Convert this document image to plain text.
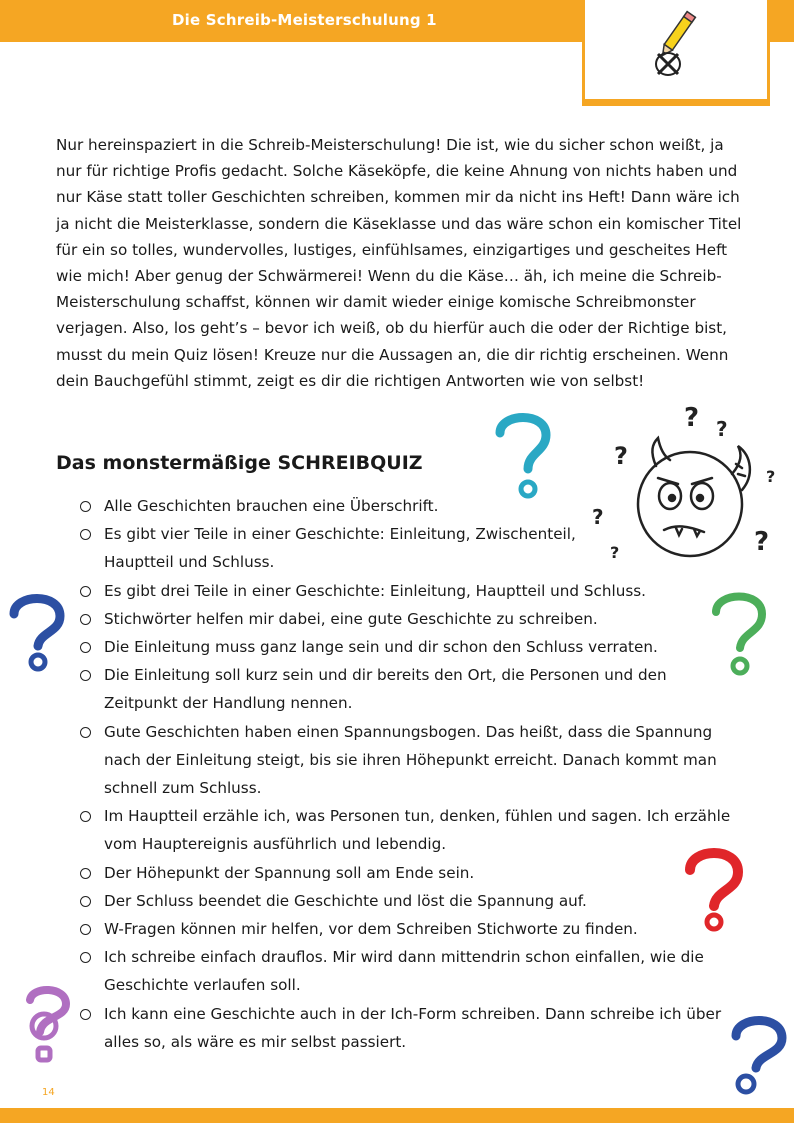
Die Schreib-Meisterschulung 1

Nur hereinspaziert in die Schreib-Meisterschulung! Die ist, wie du sicher schon weißt, ja nur für richtige Profis gedacht. Solche Käseköpfe, die keine Ahnung von nichts haben und nur Käse statt toller Geschichten schreiben, kommen mir da nicht ins Heft! Dann wäre ich ja nicht die Meisterklasse, sondern die Käseklasse und das wäre schon ein komischer Titel für ein so tolles, wundervolles, lustiges, einfühlsames, einzigartiges und gescheites Heft wie mich! Aber genug der Schwärmerei! Wenn du die Käse… äh, ich meine die Schreib-Meisterschulung schaffst, können wir damit wieder einige komische Schreibmonster verjagen. Also, los geht’s – bevor ich weiß, ob du hierfür auch die oder der Richtige bist, musst du mein Quiz lösen! Kreuze nur die Aussagen an, die dir richtig erscheinen. Wenn dein Bauchgefühl stimmt, zeigt es dir die richtigen Antworten wie von selbst!

Das monstermäßige SCHREIBQUIZ
Alle Geschichten brauchen eine Überschrift.
Es gibt vier Teile in einer Geschichte: Einleitung, Zwischenteil, Hauptteil und Schluss.
Es gibt drei Teile in einer Geschichte: Einleitung, Hauptteil und Schluss.
Stichwörter helfen mir dabei, eine gute Geschichte zu schreiben.
Die Einleitung muss ganz lange sein und dir schon den Schluss verraten.
Die Einleitung soll kurz sein und dir bereits den Ort, die Personen und den Zeitpunkt der Handlung nennen.
Gute Geschichten haben einen Spannungsbogen. Das heißt, dass die Spannung nach der Einleitung steigt, bis sie ihren Höhepunkt erreicht. Danach kommt man schnell zum Schluss.
Im Hauptteil erzähle ich, was Personen tun, denken, fühlen und sagen. Ich erzähle vom Hauptereignis ausführlich und lebendig.
Der Höhepunkt der Spannung soll am Ende sein.
Der Schluss beendet die Geschichte und löst die Spannung auf.
W-Fragen können mir helfen, vor dem Schreiben Stichworte zu finden.
Ich schreibe einfach drauflos. Mir wird dann mittendrin schon einfallen, wie die Geschichte verlaufen soll.
Ich kann eine Geschichte auch in der Ich-Form schreiben. Dann schreibe ich über alles so, als wäre es mir selbst passiert.
? ?
?
?
?
?
?
14
